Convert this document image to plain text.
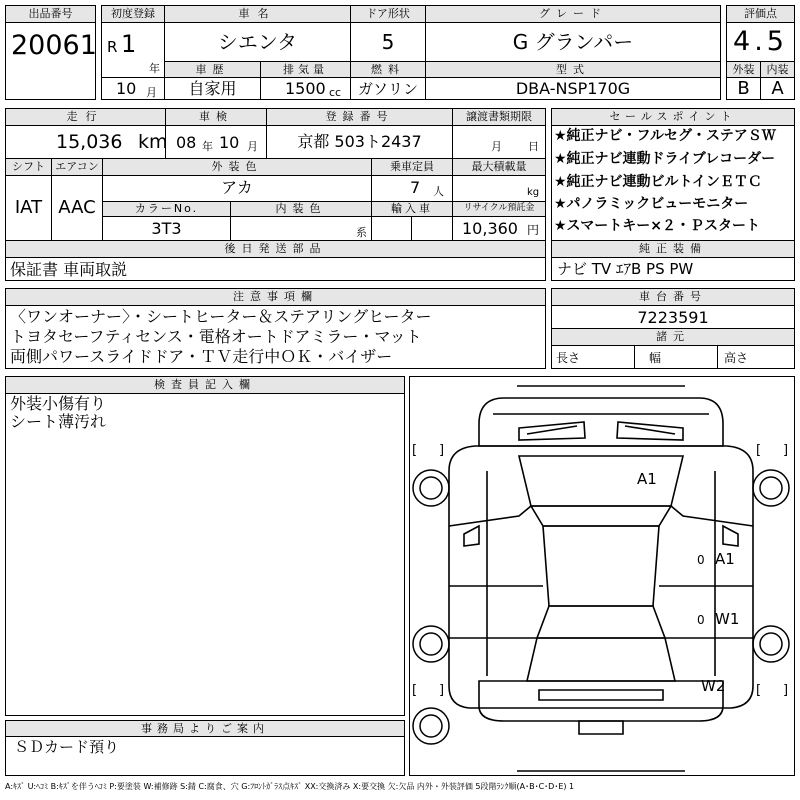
出品番号
20061
初度登録
R 1
年
車名
シエンタ
ドア形状
5
グレード
G グランパー
評価点
4.5
車歴	排気量	燃料	型式	外装	内装
10 月	自家用	1500 cc	ガソリン	DBA-NSP170G	B	A
走行
15,036 km
車検
08 年 10 月
登録番号
京都 503ト2437
譲渡書類期限
月 日
シフト
IAT
エアコン
AAC
外装色
アカ
乗車定員
7 人
最大積載量
kg
カラーNo.
3T3
内装色
系
輸入車	リサイクル預託金
10,360 円
後日発送部品
保証書 車両取説
セールスポイント
★純正ナビ・フルセグ・ステアＳＷ
★純正ナビ連動ドライブレコーダー
★純正ナビ連動ビルトインＥＴＣ
★パノラミックビューモニター
★スマートキー×２・Ｐスタート
純正装備
ナビ TV ｴｱB PS PW
注意事項欄
〈ワンオーナー〉・シートヒーター＆ステアリングヒーター
トヨタセーフティセンス・電格オートドアミラー・マット
両側パワースライドドア・ＴＶ走行中ＯＫ・バイザー
車台番号
7223591
諸元
長さ	幅	高さ
検査員記入欄
外装小傷有り
シート薄汚れ
事務局よりご案内
ＳＤカード預り
[ ]	[ ]
[ ]	[ ]
0
0
A1
A1
W1
W2
A:ｷｽﾞ U:ﾍｺﾐ B:ｷｽﾞを伴うﾍｺﾐ P:要塗装 W:補修跡 S:錆 C:腐食、穴 G:ﾌﾛﾝﾄｶﾞﾗｽ点ｷｽﾞ XX:交換済み X:要交換 欠:欠品 内外・外装評価 5段階ﾗﾝｸ順(A･B･C･D･E) 1
